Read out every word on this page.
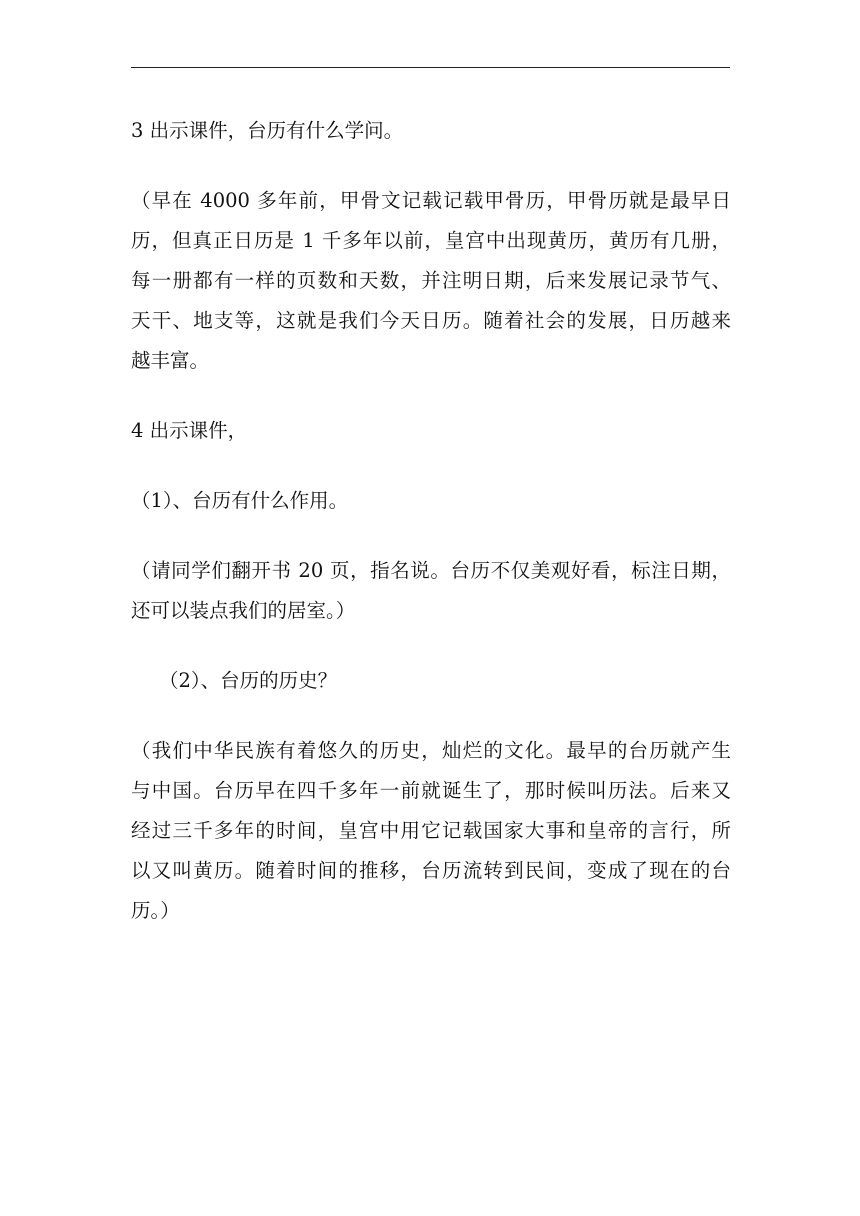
3 出示课件，台历有什么学问。
（早在 4000 多年前，甲骨文记载记载甲骨历，甲骨历就是最早日
历，但真正日历是 1 千多年以前，皇宫中出现黄历，黄历有几册，
每一册都有一样的页数和天数，并注明日期，后来发展记录节气、
天干、地支等，这就是我们今天日历。随着社会的发展，日历越来
越丰富。
4 出示课件，
（1）、台历有什么作用。
（请同学们翻开书 20 页，指名说。台历不仅美观好看，标注日期，
还可以装点我们的居室。）
（2）、台历的历史？
（我们中华民族有着悠久的历史，灿烂的文化。最早的台历就产生
与中国。台历早在四千多年一前就诞生了，那时候叫历法。后来又
经过三千多年的时间，皇宫中用它记载国家大事和皇帝的言行，所
以又叫黄历。随着时间的推移，台历流转到民间，变成了现在的台
历。）
